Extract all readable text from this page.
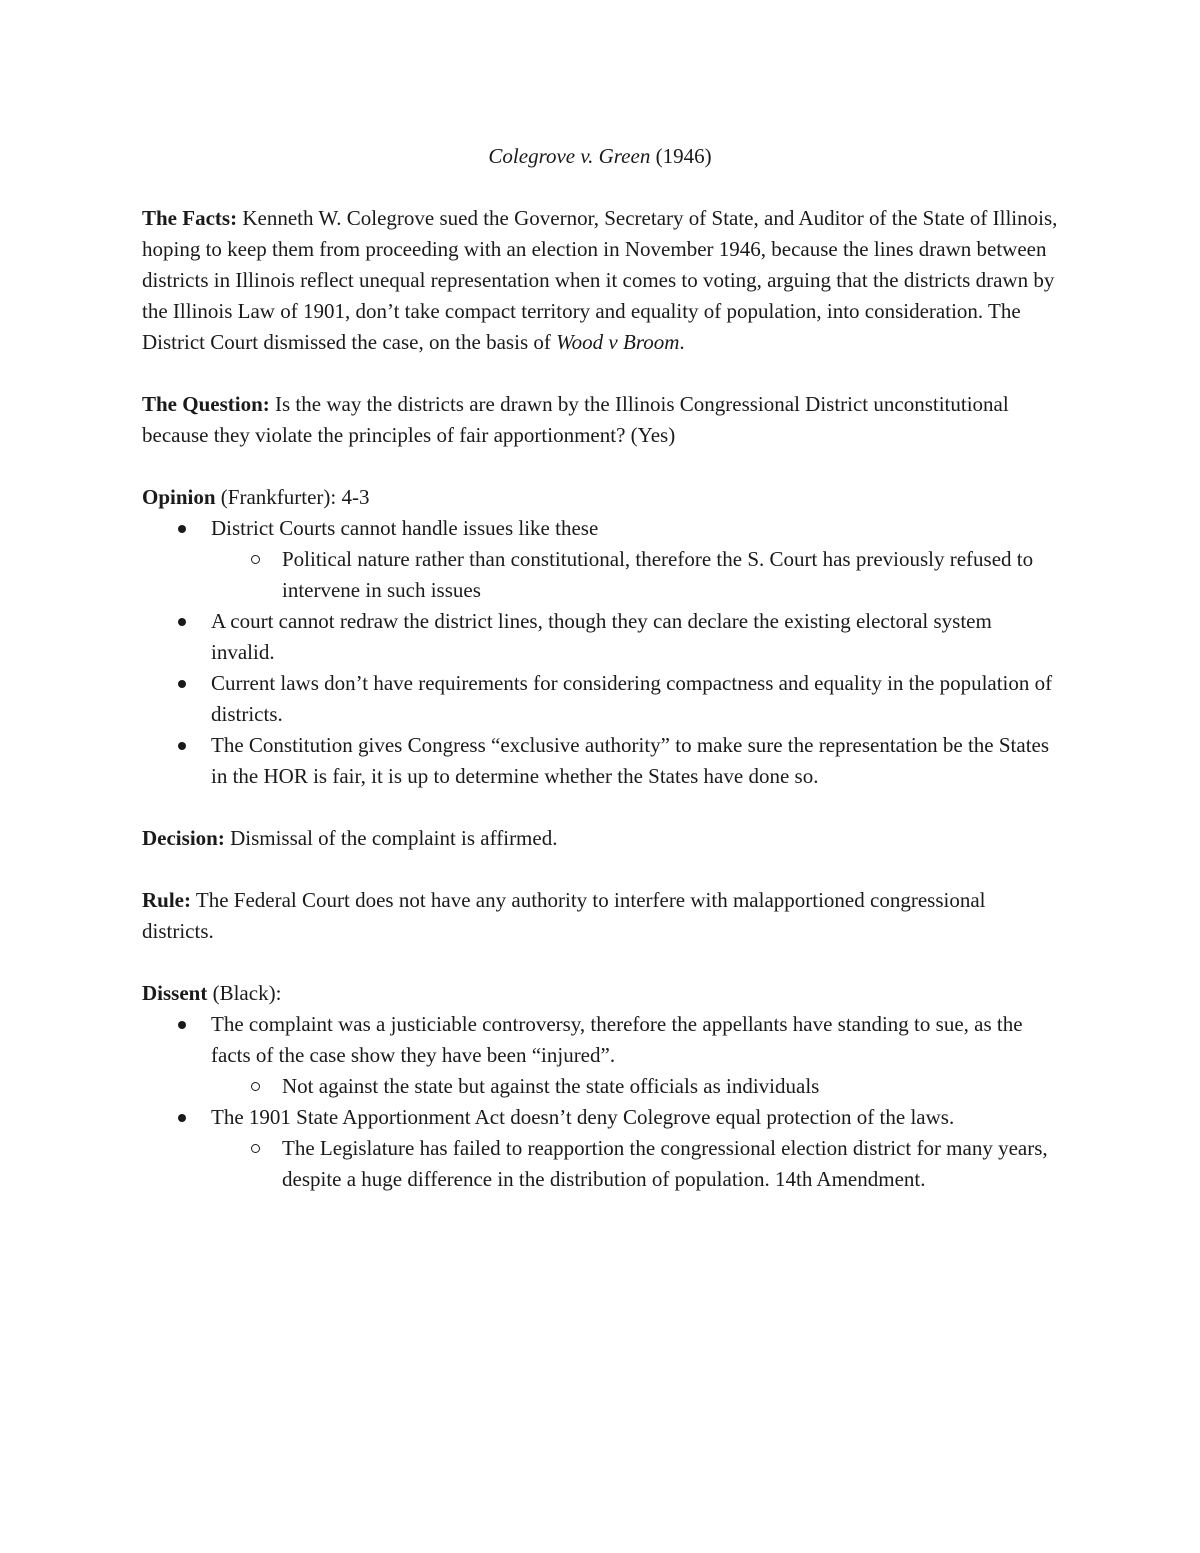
Colegrove v. Green (1946)
The Facts: Kenneth W. Colegrove sued the Governor, Secretary of State, and Auditor of the State of Illinois, hoping to keep them from proceeding with an election in November 1946, because the lines drawn between districts in Illinois reflect unequal representation when it comes to voting, arguing that the districts drawn by the Illinois Law of 1901, don’t take compact territory and equality of population, into consideration. The District Court dismissed the case, on the basis of Wood v Broom.
The Question: Is the way the districts are drawn by the Illinois Congressional District unconstitutional because they violate the principles of fair apportionment? (Yes)
Opinion (Frankfurter): 4-3
District Courts cannot handle issues like these
Political nature rather than constitutional, therefore the S. Court has previously refused to intervene in such issues
A court cannot redraw the district lines, though they can declare the existing electoral system invalid.
Current laws don’t have requirements for considering compactness and equality in the population of districts.
The Constitution gives Congress “exclusive authority” to make sure the representation be the States in the HOR is fair, it is up to determine whether the States have done so.
Decision: Dismissal of the complaint is affirmed.
Rule: The Federal Court does not have any authority to interfere with malapportioned congressional districts.
Dissent (Black):
The complaint was a justiciable controversy, therefore the appellants have standing to sue, as the facts of the case show they have been “injured”.
Not against the state but against the state officials as individuals
The 1901 State Apportionment Act doesn’t deny Colegrove equal protection of the laws.
The Legislature has failed to reapportion the congressional election district for many years, despite a huge difference in the distribution of population. 14th Amendment.
